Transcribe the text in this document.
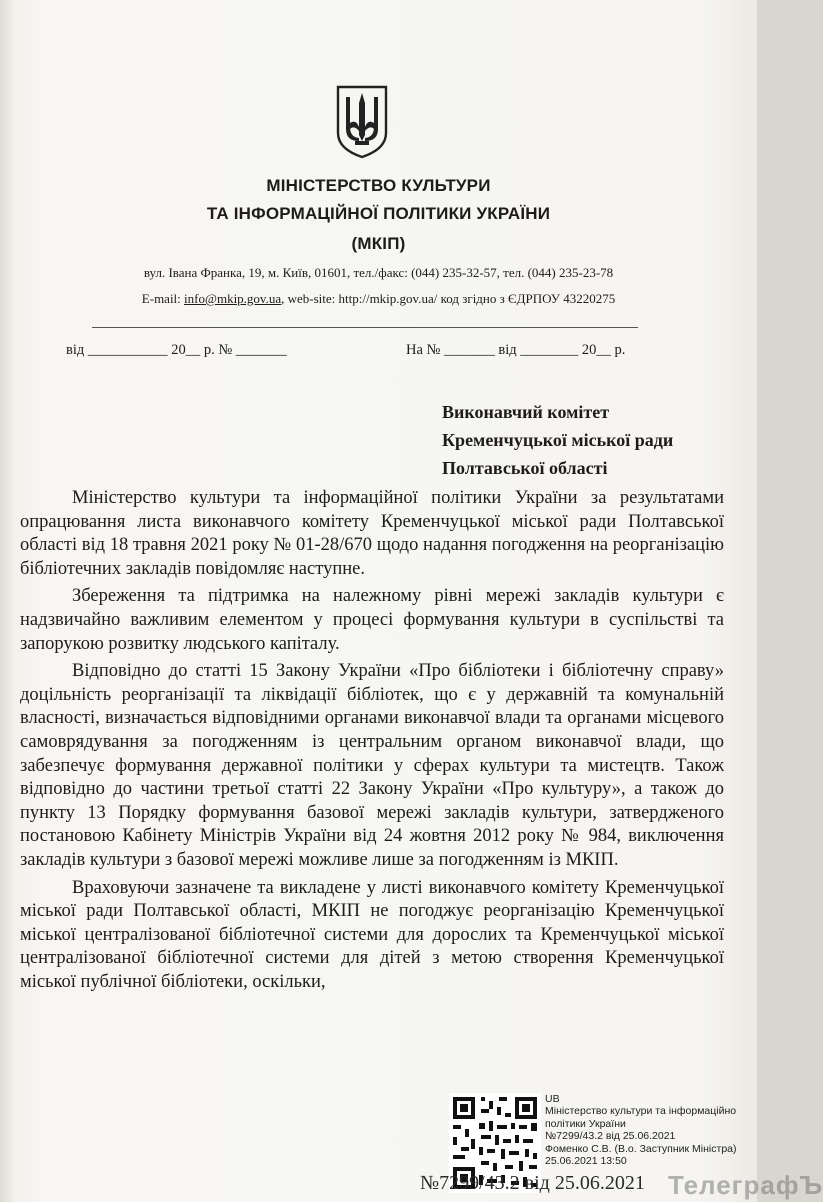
МІНІСТЕРСТВО КУЛЬТУРИ
ТА ІНФОРМАЦІЙНОЇ ПОЛІТИКИ УКРАЇНИ
(МКІП)
вул. Івана Франка, 19, м. Київ, 01601, тел./факс: (044) 235-32-57, тел. (044) 235-23-78
E-mail: info@mkip.gov.ua, web-site: http://mkip.gov.ua/ код згідно з ЄДРПОУ 43220275
від ___________ 20__ р. № _______	На № _______ від ________ 20__ р.
Виконавчий комітет
Кременчуцької міської ради
Полтавської області

Міністерство культури та інформаційної політики України за результатами опрацювання листа виконавчого комітету Кременчуцької міської ради Полтавської області від 18 травня 2021 року № 01-28/670 щодо надання погодження на реорганізацію бібліотечних закладів повідомляє наступне.

Збереження та підтримка на належному рівні мережі закладів культури є надзвичайно важливим елементом у процесі формування культури в суспільстві та запорукою розвитку людського капіталу.

Відповідно до статті 15 Закону України «Про бібліотеки і бібліотечну справу» доцільність реорганізації та ліквідації бібліотек, що є у державній та комунальній власності, визначається відповідними органами виконавчої влади та органами місцевого самоврядування за погодженням із центральним органом виконавчої влади, що забезпечує формування державної політики у сферах культури та мистецтв. Також відповідно до частини третьої статті 22 Закону України «Про культуру», а також до пункту 13 Порядку формування базової мережі закладів культури, затвердженого постановою Кабінету Міністрів України від 24 жовтня 2012 року № 984, виключення закладів культури з базової мережі можливе лише за погодженням із МКІП.

Враховуючи зазначене та викладене у листі виконавчого комітету Кременчуцької міської ради Полтавської області, МКІП не погоджує реорганізацію Кременчуцької міської централізованої бібліотечної системи для дорослих та Кременчуцької міської централізованої бібліотечної системи для дітей з метою створення Кременчуцької міської публічної бібліотеки, оскільки,

UB
Міністерство культури та інформаційно
політики України
№7299/43.2 від 25.06.2021
Фоменко С.В. (В.о. Заступник Міністра)
25.06.2021 13:50
№7299/43.2 від 25.06.2021 ТелеграфЪ
